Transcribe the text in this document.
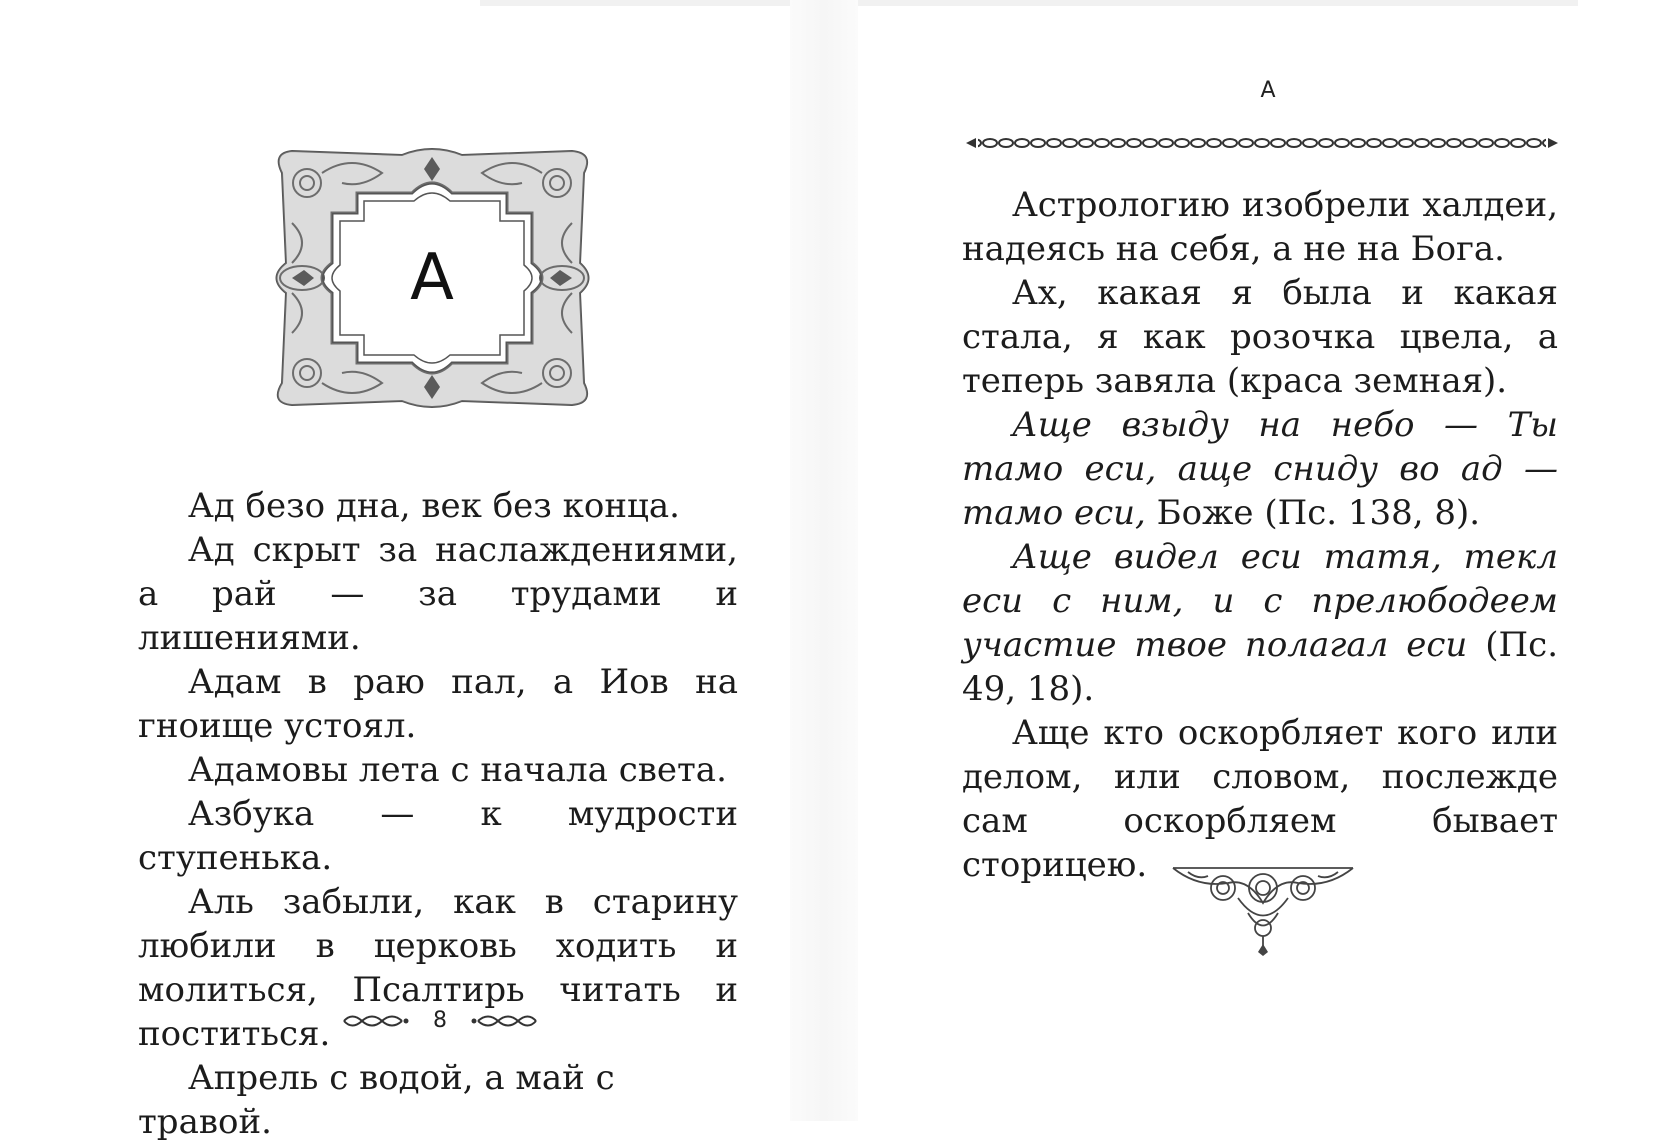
А

Ад безо дна, век без конца.

Ад скрыт за наслаждениями, а рай — за трудами и лишениями.

Адам в раю пал, а Иов на гноище устоял.

Адамовы лета с начала света.

Азбука — к мудрости ступенька.

Аль забыли, как в старину любили в церковь ходить и молиться, Псалтирь читать и поститься.

Апрель с водой, а май с травой.

8
А

Астрологию изобрели халдеи, надеясь на себя, а не на Бога.

Ах, какая я была и какая стала, я как розочка цвела, а теперь завяла (краса земная).

Аще взыду на небо — Ты тамо еси, аще сниду во ад — тамо еси, Боже (Пс. 138, 8).

Аще видел еси татя, текл еси с ним, и с прелюбодеем участие твое полагал еси (Пс. 49, 18).

Аще кто оскорбляет кого или делом, или словом, послежде сам оскорбляем бывает сторицею.
